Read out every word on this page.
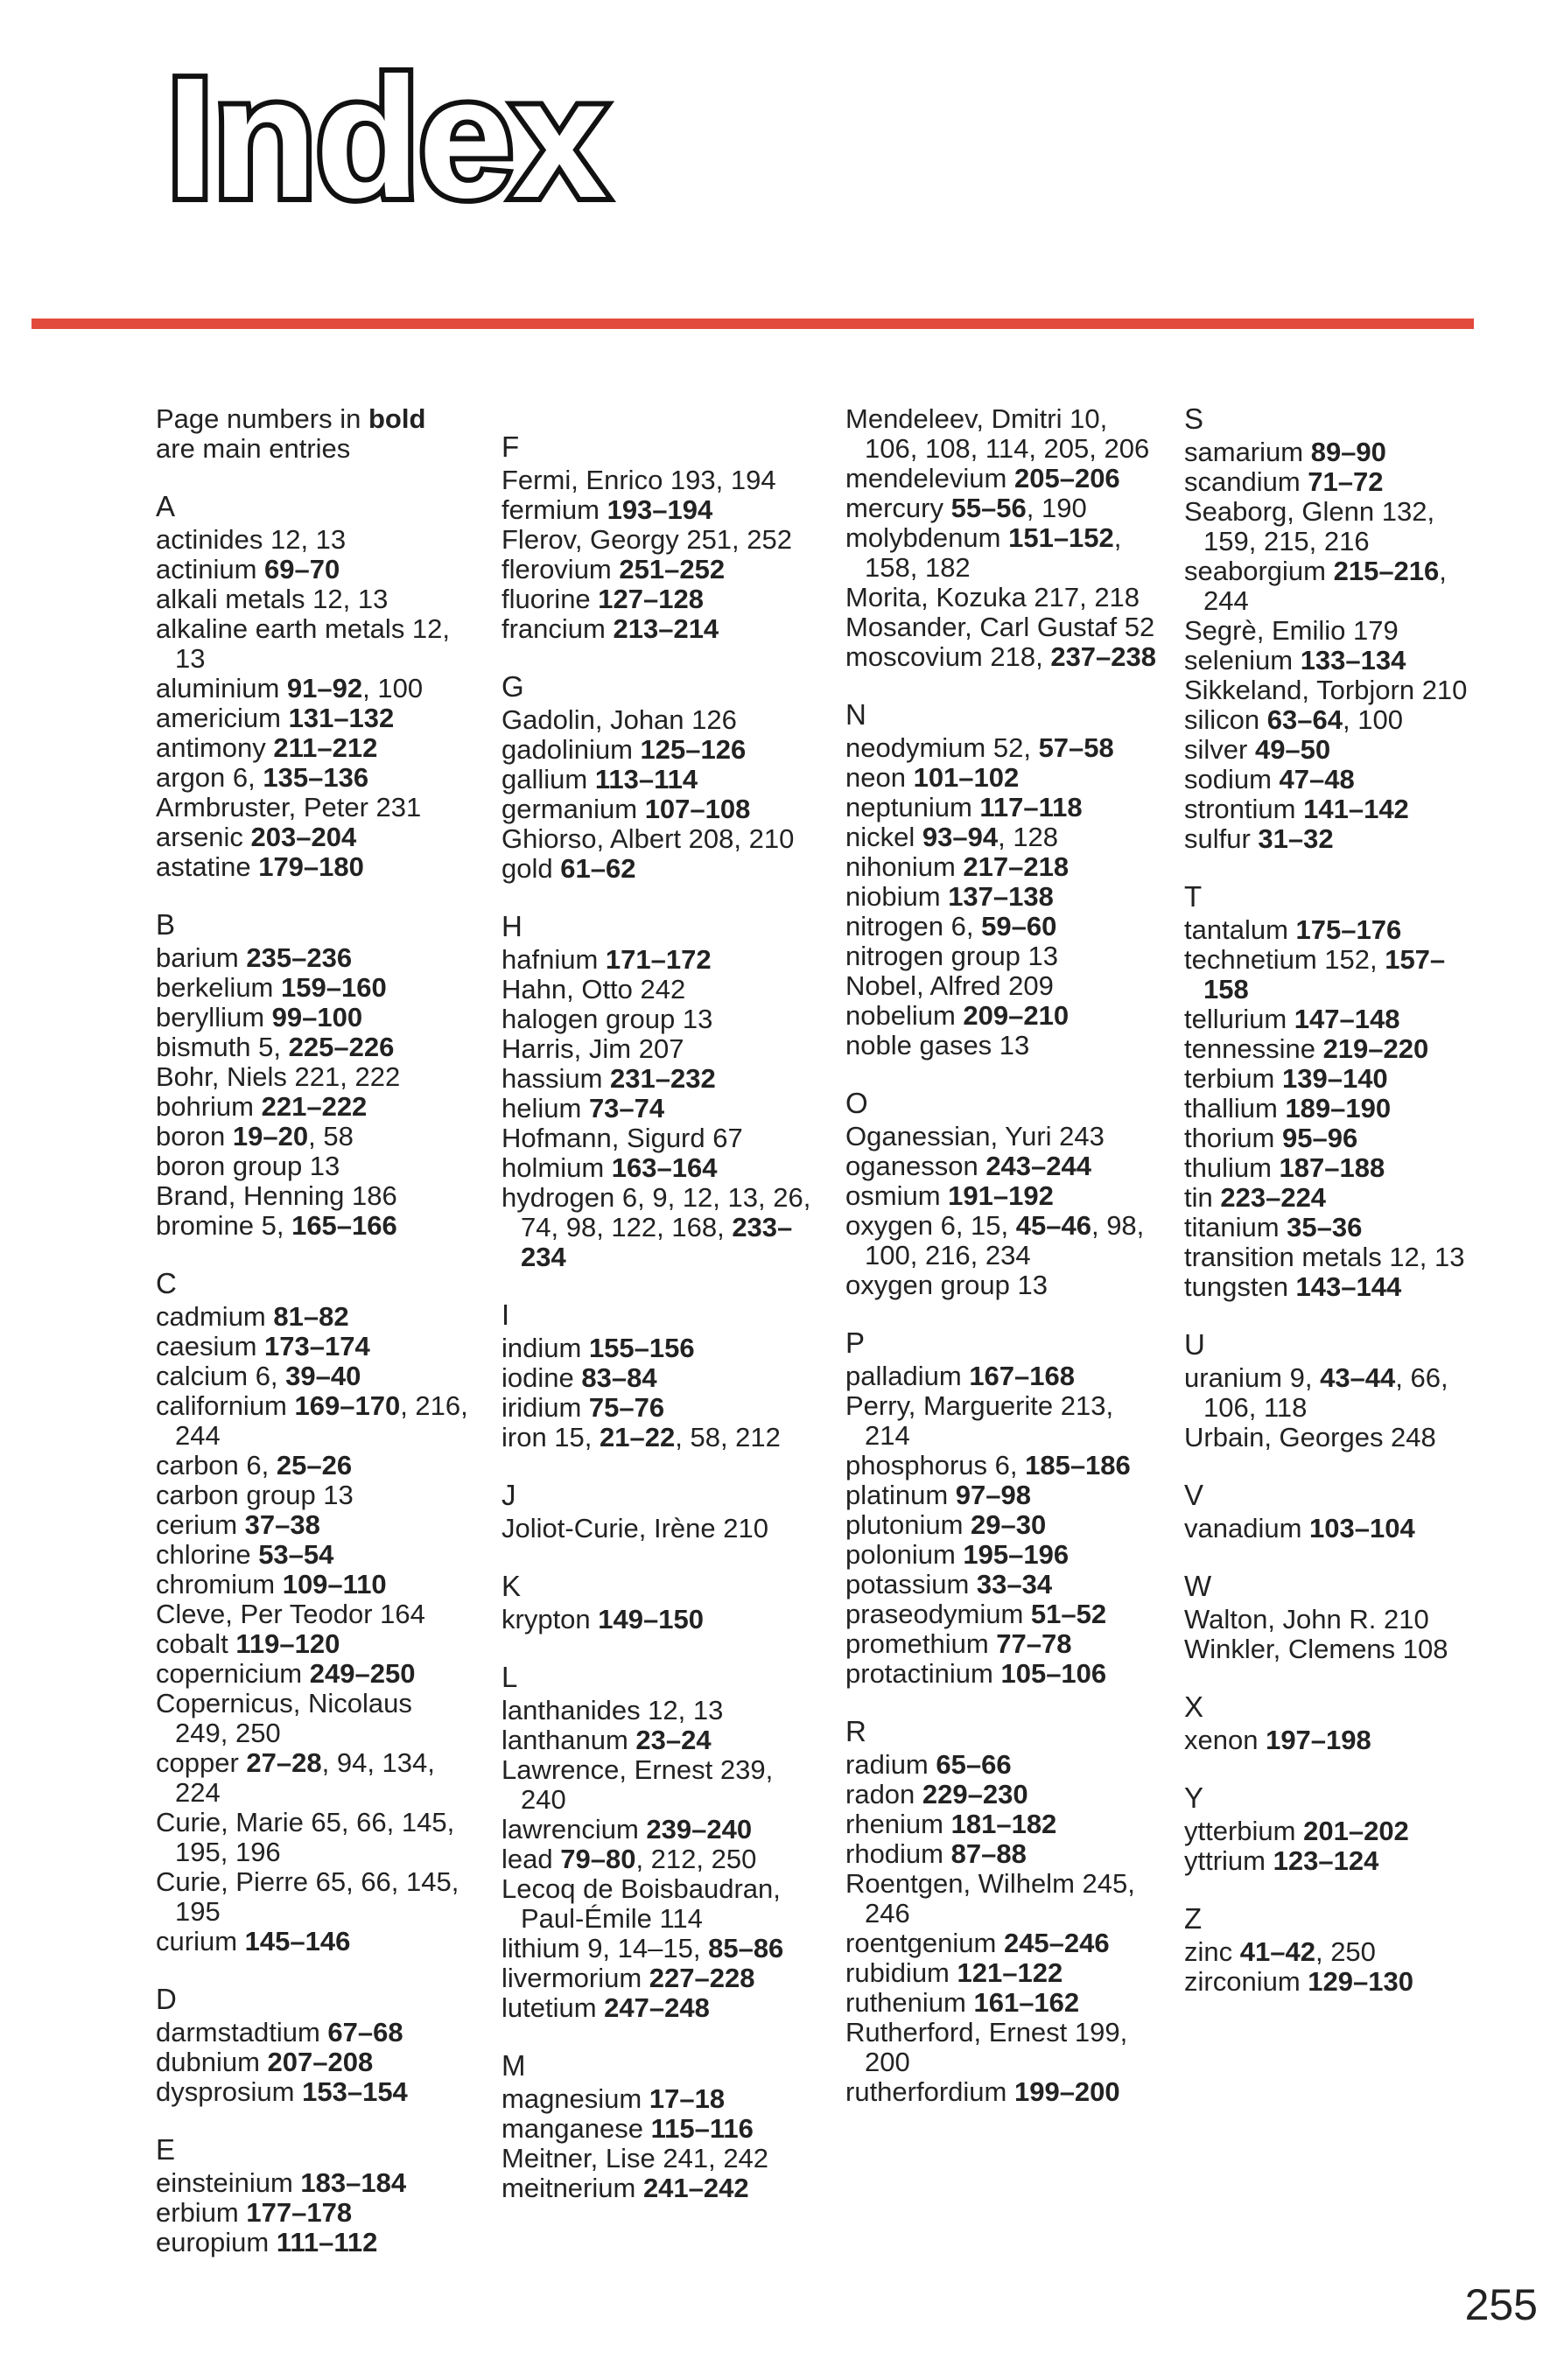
Index
Page numbers in bold are main entries
A
actinides 12, 13
actinium 69–70
alkali metals 12, 13
alkaline earth metals 12, 13
aluminium 91–92, 100
americium 131–132
antimony 211–212
argon 6, 135–136
Armbruster, Peter 231
arsenic 203–204
astatine 179–180
B
barium 235–236
berkelium 159–160
beryllium 99–100
bismuth 5, 225–226
Bohr, Niels 221, 222
bohrium 221–222
boron 19–20, 58
boron group 13
Brand, Henning 186
bromine 5, 165–166
C
cadmium 81–82
caesium 173–174
calcium 6, 39–40
californium 169–170, 216, 244
carbon 6, 25–26
carbon group 13
cerium 37–38
chlorine 53–54
chromium 109–110
Cleve, Per Teodor 164
cobalt 119–120
copernicium 249–250
Copernicus, Nicolaus 249, 250
copper 27–28, 94, 134, 224
Curie, Marie 65, 66, 145, 195, 196
Curie, Pierre 65, 66, 145, 195
curium 145–146
D
darmstadtium 67–68
dubnium 207–208
dysprosium 153–154
E
einsteinium 183–184
erbium 177–178
europium 111–112
F
Fermi, Enrico 193, 194
fermium 193–194
Flerov, Georgy 251, 252
flerovium 251–252
fluorine 127–128
francium 213–214
G
Gadolin, Johan 126
gadolinium 125–126
gallium 113–114
germanium 107–108
Ghiorso, Albert 208, 210
gold 61–62
H
hafnium 171–172
Hahn, Otto 242
halogen group 13
Harris, Jim 207
hassium 231–232
helium 73–74
Hofmann, Sigurd 67
holmium 163–164
hydrogen 6, 9, 12, 13, 26, 74, 98, 122, 168, 233–234
I
indium 155–156
iodine 83–84
iridium 75–76
iron 15, 21–22, 58, 212
J
Joliot-Curie, Irène 210
K
krypton 149–150
L
lanthanides 12, 13
lanthanum 23–24
Lawrence, Ernest 239, 240
lawrencium 239–240
lead 79–80, 212, 250
Lecoq de Boisbaudran, Paul-Émile 114
lithium 9, 14–15, 85–86
livermorium 227–228
lutetium 247–248
M
magnesium 17–18
manganese 115–116
Meitner, Lise 241, 242
meitnerium 241–242
Mendeleev, Dmitri 10, 106, 108, 114, 205, 206
mendelevium 205–206
mercury 55–56, 190
molybdenum 151–152, 158, 182
Morita, Kozuka 217, 218
Mosander, Carl Gustaf 52
moscovium 218, 237–238
N
neodymium 52, 57–58
neon 101–102
neptunium 117–118
nickel 93–94, 128
nihonium 217–218
niobium 137–138
nitrogen 6, 59–60
nitrogen group 13
Nobel, Alfred 209
nobelium 209–210
noble gases 13
O
Oganessian, Yuri 243
oganesson 243–244
osmium 191–192
oxygen 6, 15, 45–46, 98, 100, 216, 234
oxygen group 13
P
palladium 167–168
Perry, Marguerite 213, 214
phosphorus 6, 185–186
platinum 97–98
plutonium 29–30
polonium 195–196
potassium 33–34
praseodymium 51–52
promethium 77–78
protactinium 105–106
R
radium 65–66
radon 229–230
rhenium 181–182
rhodium 87–88
Roentgen, Wilhelm 245, 246
roentgenium 245–246
rubidium 121–122
ruthenium 161–162
Rutherford, Ernest 199, 200
rutherfordium 199–200
S
samarium 89–90
scandium 71–72
Seaborg, Glenn 132, 159, 215, 216
seaborgium 215–216, 244
Segrè, Emilio 179
selenium 133–134
Sikkeland, Torbjorn 210
silicon 63–64, 100
silver 49–50
sodium 47–48
strontium 141–142
sulfur 31–32
T
tantalum 175–176
technetium 152, 157–158
tellurium 147–148
tennessine 219–220
terbium 139–140
thallium 189–190
thorium 95–96
thulium 187–188
tin 223–224
titanium 35–36
transition metals 12, 13
tungsten 143–144
U
uranium 9, 43–44, 66, 106, 118
Urbain, Georges 248
V
vanadium 103–104
W
Walton, John R. 210
Winkler, Clemens 108
X
xenon 197–198
Y
ytterbium 201–202
yttrium 123–124
Z
zinc 41–42, 250
zirconium 129–130
255
